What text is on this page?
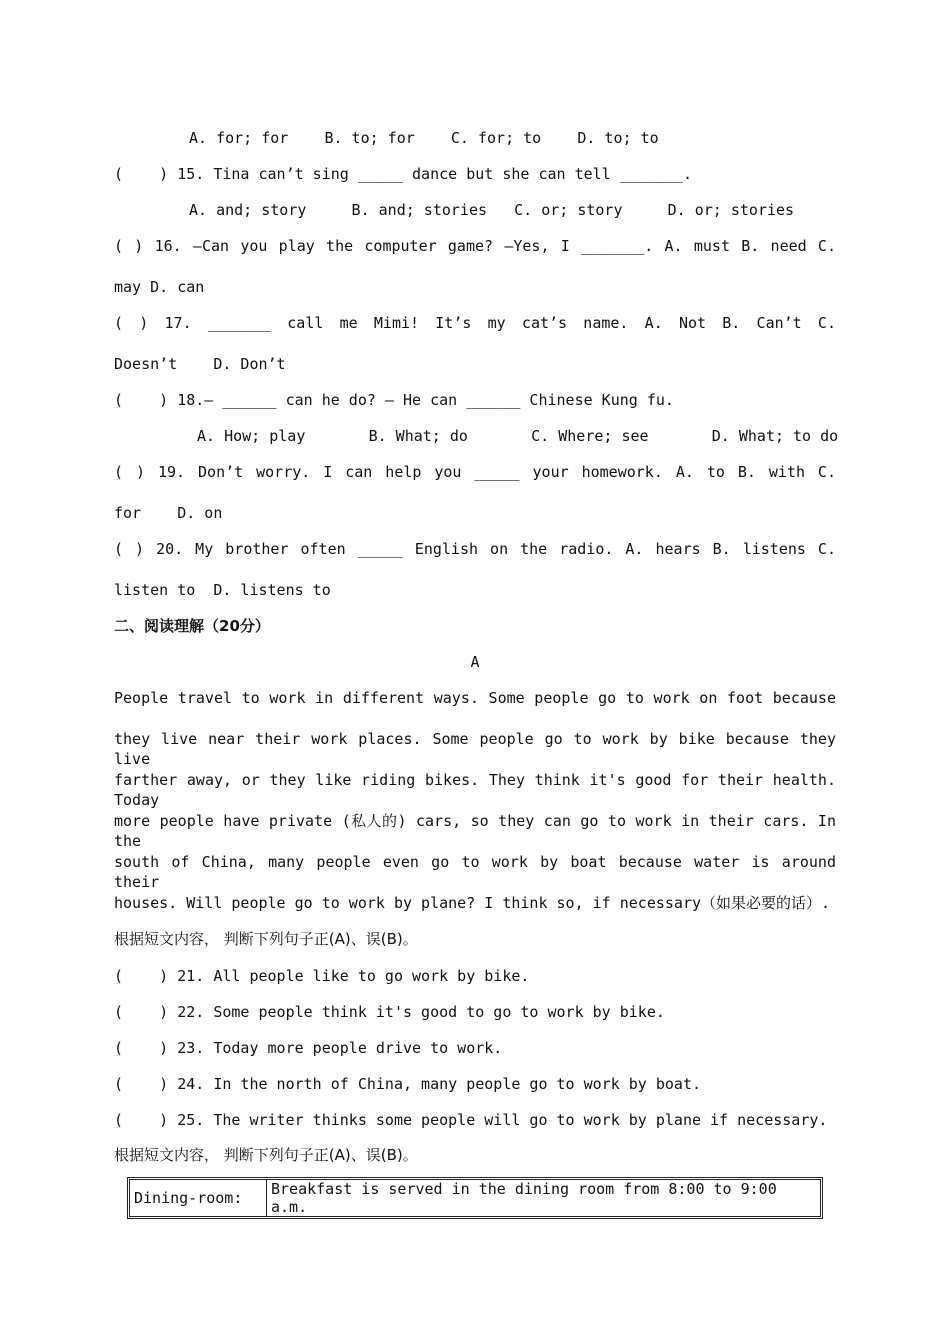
A. for; for    B. to; for    C. for; to    D. to; to
(    ) 15. Tina can’t sing _____ dance but she can tell _______.
A. and; story     B. and; stories   C. or; story     D. or; stories
( ) 16. —Can you play the computer game? —Yes, I _______. A. must B. need C.
may D. can
( ) 17. _______ call me Mimi! It’s my cat’s name. A. Not B. Can’t C.
Doesn’t    D. Don’t
(    ) 18.— ______ can he do? — He can ______ Chinese Kung fu.
A. How; play       B. What; do       C. Where; see       D. What; to do
( ) 19. Don’t worry. I can help you _____ your homework. A. to B. with C.
for    D. on
( ) 20. My brother often _____ English on the radio. A. hears B. listens C.
listen to  D. listens to
二、阅读理解（20分）
A
People travel to work in different ways. Some people go to work on foot because
they live near their work places. Some people go to work by bike because they live
farther away, or they like riding bikes. They think it's good for their health. Today
more people have private (私人的) cars, so they can go to work in their cars. In the
south of China, many people even go to work by boat because water is around their
houses. Will people go to work by plane? I think so, if necessary（如果必要的话）.
根据短文内容， 判断下列句子正(A)、误(B)。
(    ) 21. All people like to go work by bike.
(    ) 22. Some people think it's good to go to work by bike.
(    ) 23. Today more people drive to work.
(    ) 24. In the north of China, many people go to work by boat.
(    ) 25. The writer thinks some people will go to work by plane if necessary.
根据短文内容， 判断下列句子正(A)、误(B)。
Dining-room:	Breakfast is served in the dining room from 8:00 to 9:00 a.m.
